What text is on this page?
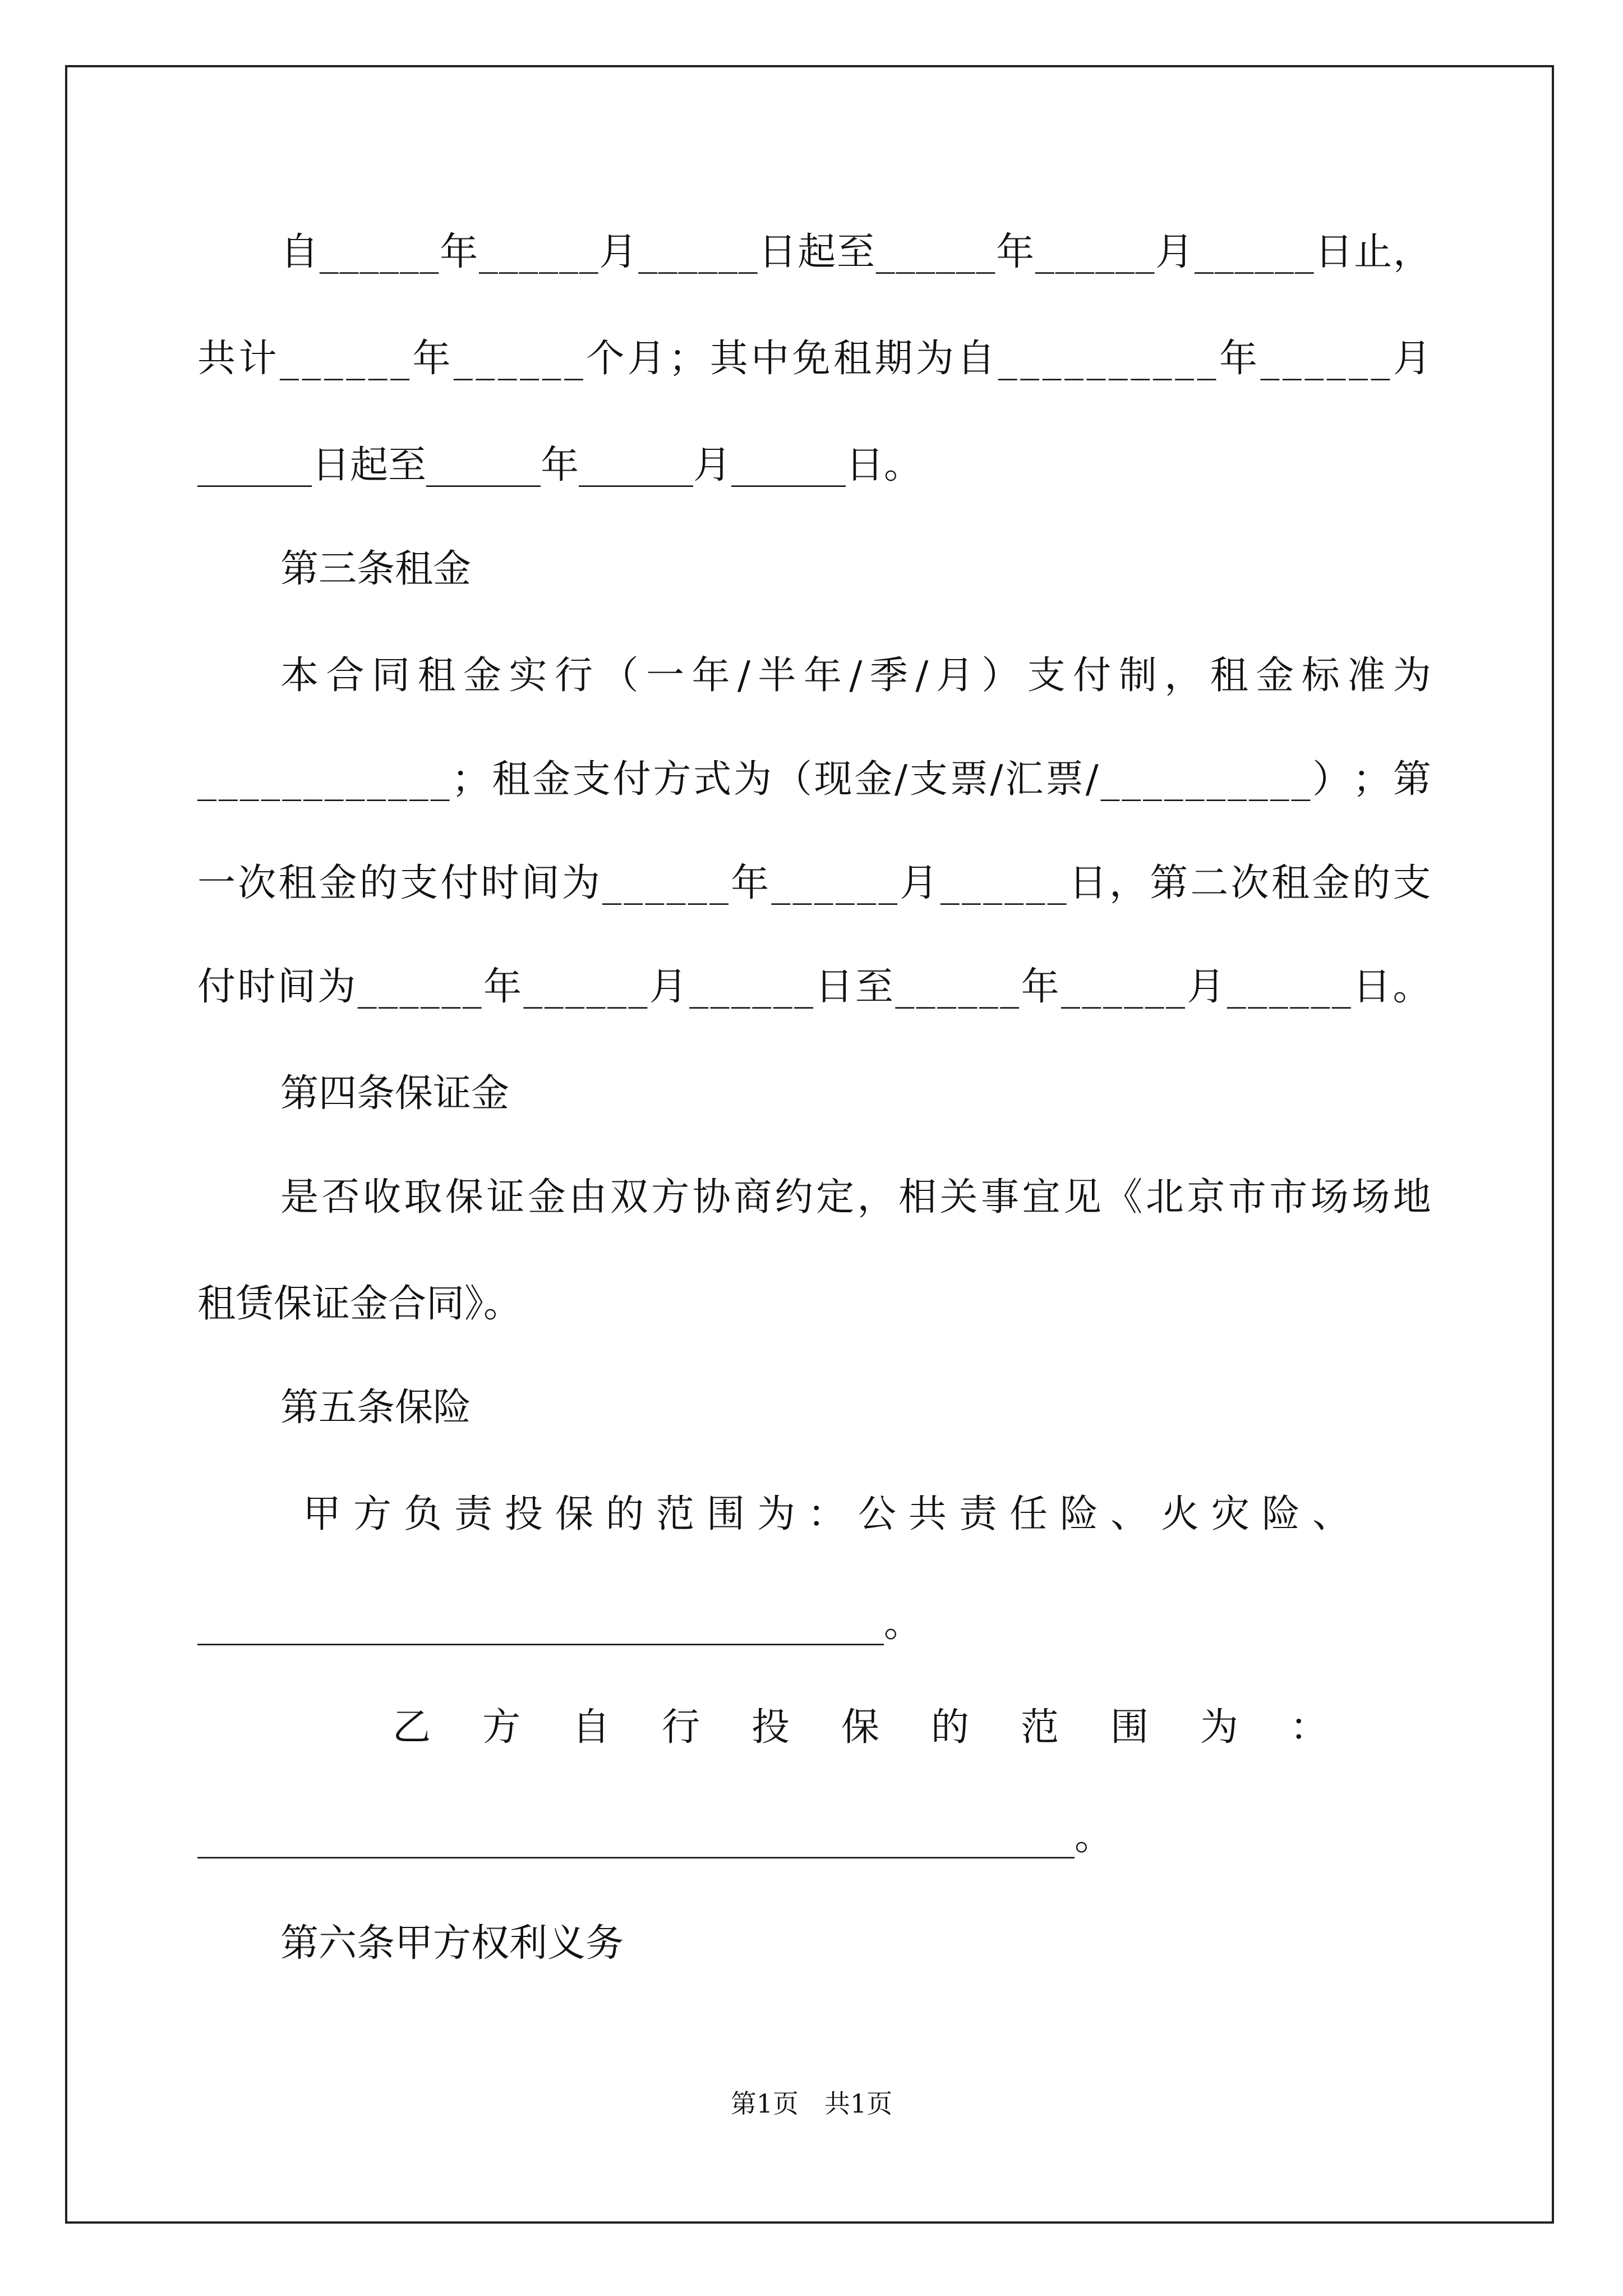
自 _ _ _ _ _ _ 年 _ _ _ _ _ _ 月 _ _ _ _ _ _ 日 起 至 _ _ _ _ _ _ 年 _ _ _ _ _ _ 月 _ _ _ _ _ _ 日 止 ，
共 计 _ _ _ _ _ _ 年 _ _ _ _ _ _ 个 月 ； 其 中 免 租 期 为 自 _ _ _ _ _ _ _ _ _ _ 年 _ _ _ _ _ _ 月
______日起至______年______月______日。
第三条租金
本 合 同 租 金 实 行 （ 一 年 / 半 年 / 季 / 月 ） 支 付 制 ， 租 金 标 准 为
_ _ _ _ _ _ _ _ _ _ _ _ ； 租 金 支 付 方 式 为 （ 现 金 / 支 票 / 汇 票 / _ _ _ _ _ _ _ _ _ _ ） ； 第
一 次 租 金 的 支 付 时 间 为 _ _ _ _ _ _ 年 _ _ _ _ _ _ 月 _ _ _ _ _ _ 日 ， 第 二 次 租 金 的 支
付 时 间 为 _ _ _ _ _ _ 年 _ _ _ _ _ _ 月 _ _ _ _ _ _ 日 至 _ _ _ _ _ _ 年 _ _ _ _ _ _ 月 _ _ _ _ _ _ 日 。
第四条保证金
是 否 收 取 保 证 金 由 双 方 协 商 约 定 ， 相 关 事 宜 见 《 北 京 市 市 场 场 地
租赁保证金合同》。
第五条保险
甲方负责投保的范围为：公共责任险、火灾险、
____________________________________。
乙方自行投保的范围为：
______________________________________________。
第六条甲方权利义务
第1页　共1页
